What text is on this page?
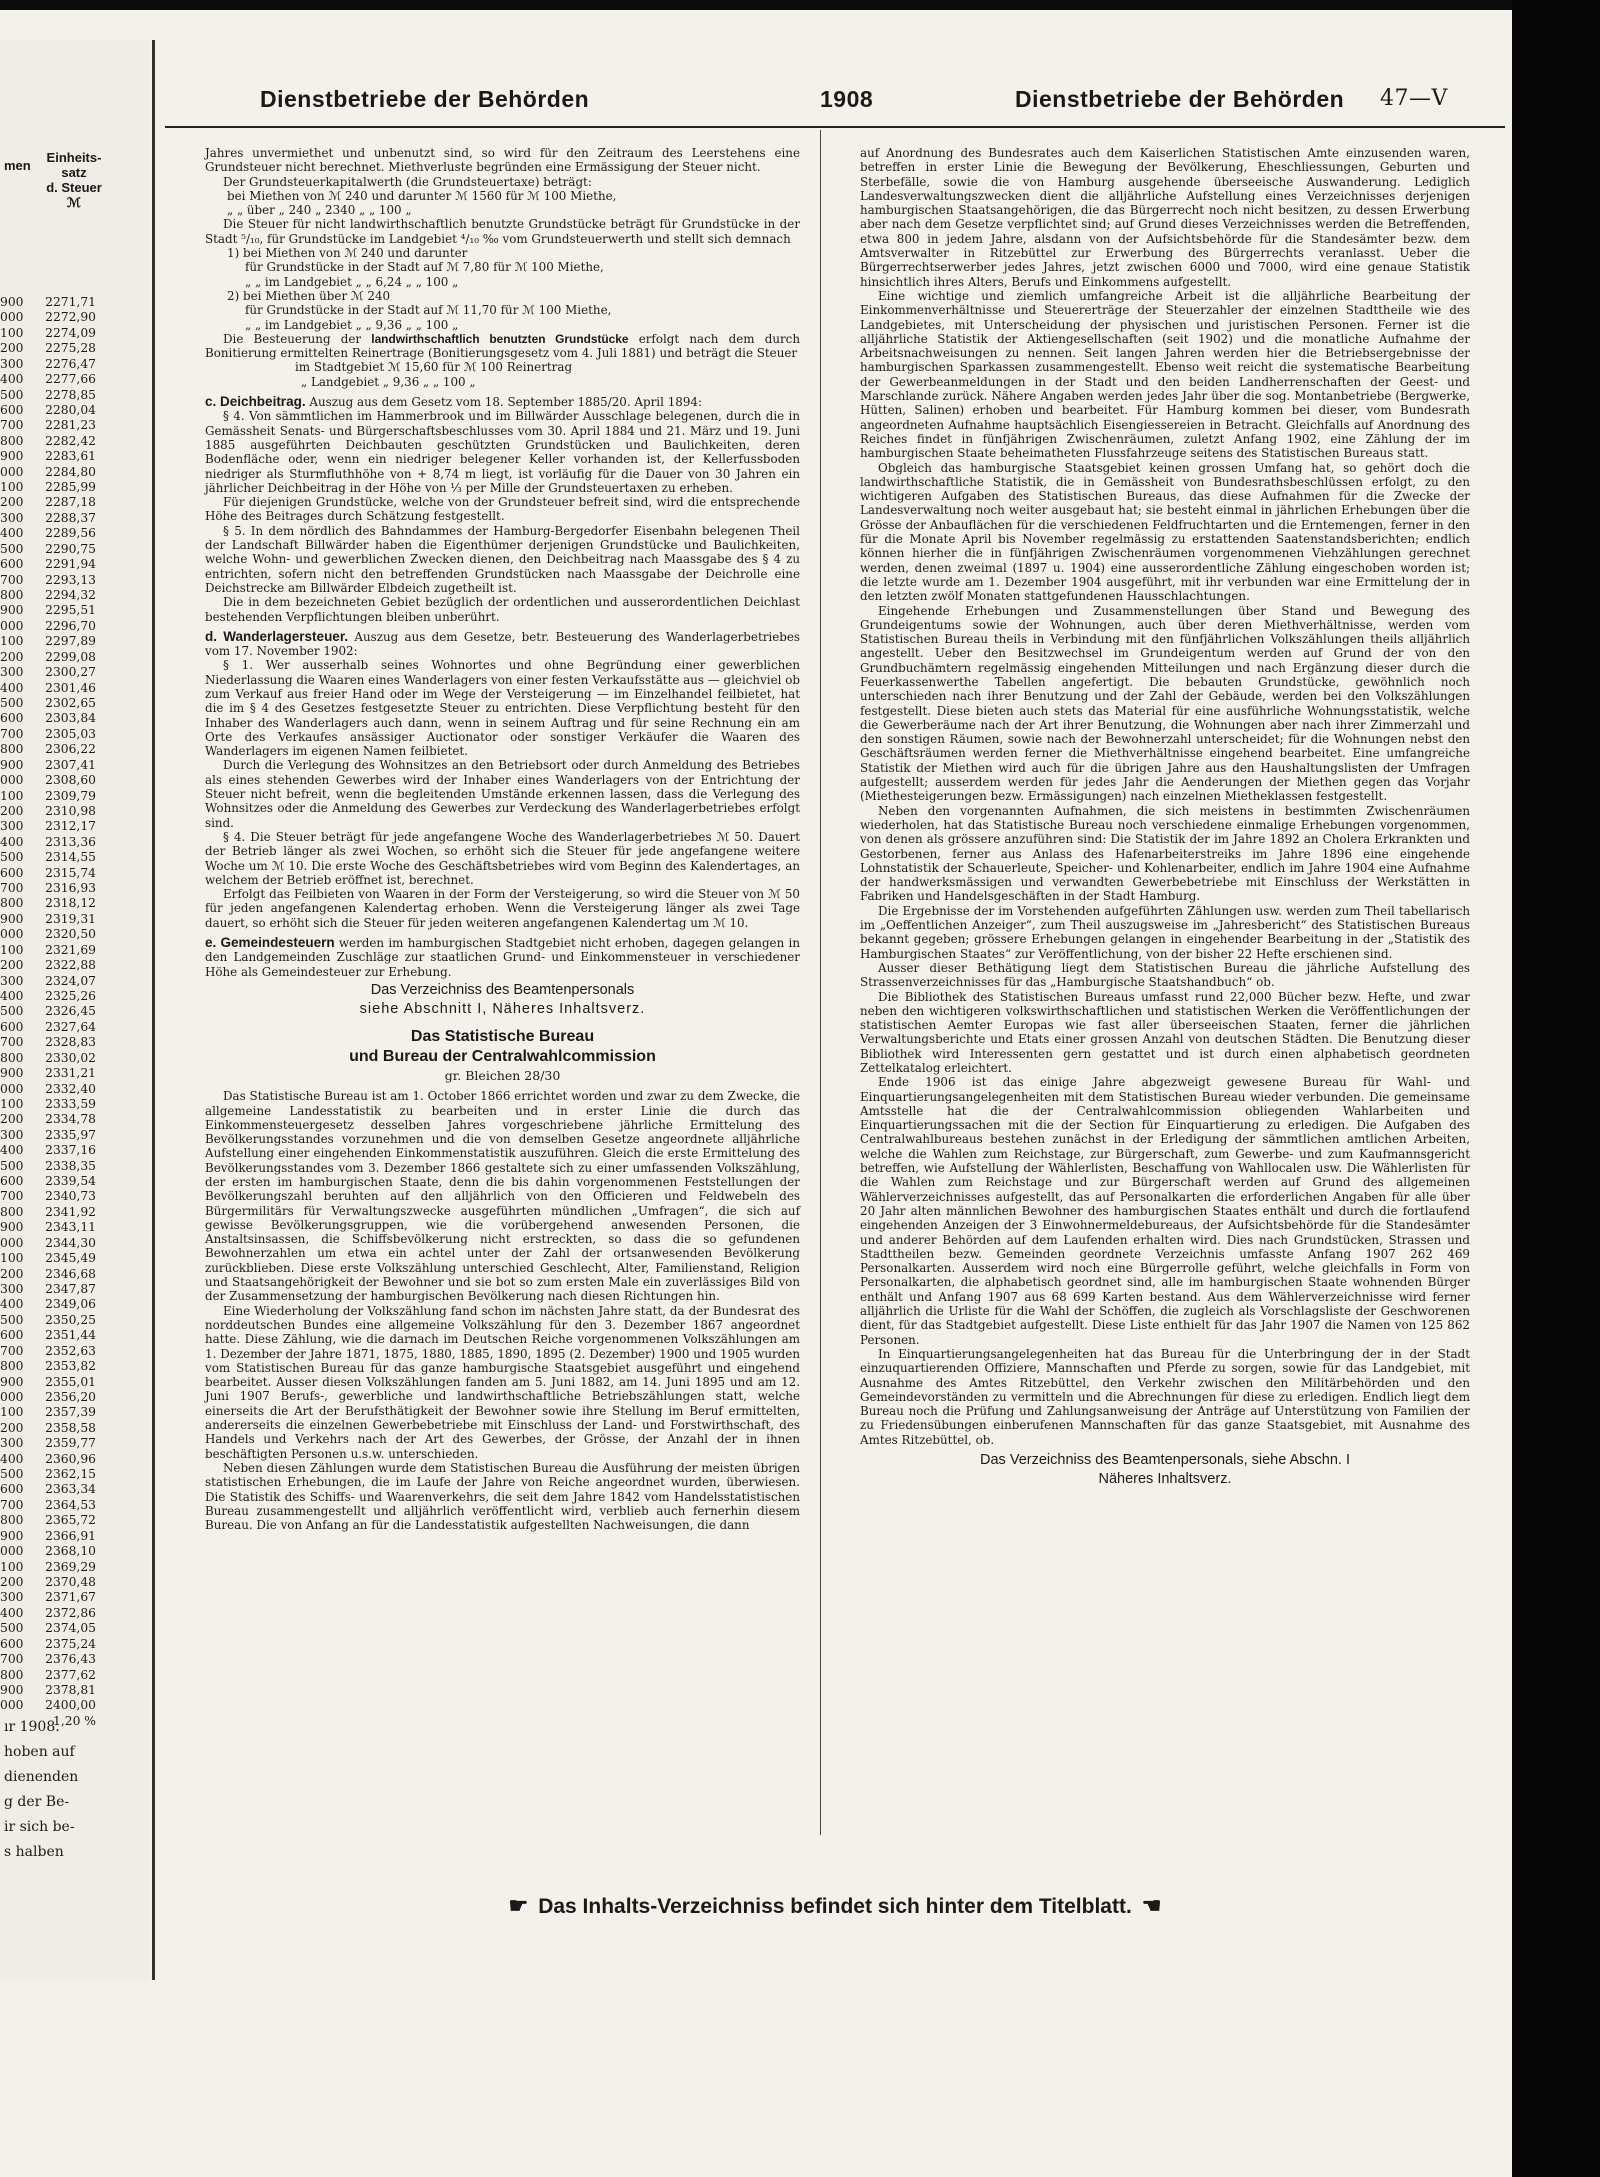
men
Einheits-
satz
d. Steuer
ℳ
900	2271,71
000	2272,90
100	2274,09
200	2275,28
300	2276,47
400	2277,66
500	2278,85
600	2280,04
700	2281,23
800	2282,42
900	2283,61
000	2284,80
100	2285,99
200	2287,18
300	2288,37
400	2289,56
500	2290,75
600	2291,94
700	2293,13
800	2294,32
900	2295,51
000	2296,70
100	2297,89
200	2299,08
300	2300,27
400	2301,46
500	2302,65
600	2303,84
700	2305,03
800	2306,22
900	2307,41
000	2308,60
100	2309,79
200	2310,98
300	2312,17
400	2313,36
500	2314,55
600	2315,74
700	2316,93
800	2318,12
900	2319,31
000	2320,50
100	2321,69
200	2322,88
300	2324,07
400	2325,26
500	2326,45
600	2327,64
700	2328,83
800	2330,02
900	2331,21
000	2332,40
100	2333,59
200	2334,78
300	2335,97
400	2337,16
500	2338,35
600	2339,54
700	2340,73
800	2341,92
900	2343,11
000	2344,30
100	2345,49
200	2346,68
300	2347,87
400	2349,06
500	2350,25
600	2351,44
700	2352,63
800	2353,82
900	2355,01
000	2356,20
100	2357,39
200	2358,58
300	2359,77
400	2360,96
500	2362,15
600	2363,34
700	2364,53
800	2365,72
900	2366,91
000	2368,10
100	2369,29
200	2370,48
300	2371,67
400	2372,86
500	2374,05
600	2375,24
700	2376,43
800	2377,62
900	2378,81
000	2400,00
1,20 %
ır 1908.
hoben auf
dienenden
g der Be-
ir sich be-
s halben
Dienstbetriebe der Behörden	1908	Dienstbetriebe der Behörden 47—V

Jahres unvermiethet und unbenutzt sind, so wird für den Zeitraum des Leerstehens eine Grundsteuer nicht berechnet. Miethverluste begründen eine Ermässigung der Steuer nicht.

Der Grundsteuerkapitalwerth (die Grundsteuertaxe) beträgt:

bei Miethen von ℳ 240 und darunter ℳ 1560 für ℳ 100 Miethe,

„ „ über „ 240 „ 2340 „ „ 100 „

Die Steuer für nicht landwirthschaftlich benutzte Grundstücke beträgt für Grundstücke in der Stadt ⁵/₁₀, für Grundstücke im Landgebiet ⁴/₁₀ ‰ vom Grundsteuerwerth und stellt sich demnach

1) bei Miethen von ℳ 240 und darunter

für Grundstücke in der Stadt auf ℳ 7,80 für ℳ 100 Miethe,

„ „ im Landgebiet „ „ 6,24 „ „ 100 „

2) bei Miethen über ℳ 240

für Grundstücke in der Stadt auf ℳ 11,70 für ℳ 100 Miethe,

„ „ im Landgebiet „ „ 9,36 „ „ 100 „

Die Besteuerung der landwirthschaftlich benutzten Grundstücke erfolgt nach dem durch Bonitierung ermittelten Reinertrage (Bonitierungsgesetz vom 4. Juli 1881) und beträgt die Steuer

im Stadtgebiet ℳ 15,60 für ℳ 100 Reinertrag

„ Landgebiet „ 9,36 „ „ 100 „

c. Deichbeitrag. Auszug aus dem Gesetz vom 18. September 1885/20. April 1894:

§ 4. Von sämmtlichen im Hammerbrook und im Billwärder Ausschlage belegenen, durch die in Gemässheit Senats- und Bürgerschaftsbeschlusses vom 30. April 1884 und 21. März und 19. Juni 1885 ausgeführten Deichbauten geschützten Grundstücken und Baulichkeiten, deren Bodenfläche oder, wenn ein niedriger belegener Keller vorhanden ist, der Kellerfussboden niedriger als Sturmfluthhöhe von + 8,74 m liegt, ist vorläufig für die Dauer von 30 Jahren ein jährlicher Deichbeitrag in der Höhe von ⅓ per Mille der Grundsteuertaxen zu erheben.

Für diejenigen Grundstücke, welche von der Grundsteuer befreit sind, wird die entsprechende Höhe des Beitrages durch Schätzung festgestellt.

§ 5. In dem nördlich des Bahndammes der Hamburg-Bergedorfer Eisenbahn belegenen Theil der Landschaft Billwärder haben die Eigenthümer derjenigen Grundstücke und Baulichkeiten, welche Wohn- und gewerblichen Zwecken dienen, den Deichbeitrag nach Maassgabe des § 4 zu entrichten, sofern nicht den betreffenden Grundstücken nach Maassgabe der Deichrolle eine Deichstrecke am Billwärder Elbdeich zugetheilt ist.

Die in dem bezeichneten Gebiet bezüglich der ordentlichen und ausserordentlichen Deichlast bestehenden Verpflichtungen bleiben unberührt.

d. Wanderlagersteuer. Auszug aus dem Gesetze, betr. Besteuerung des Wanderlagerbetriebes vom 17. November 1902:

§ 1. Wer ausserhalb seines Wohnortes und ohne Begründung einer gewerblichen Niederlassung die Waaren eines Wanderlagers von einer festen Verkaufsstätte aus — gleichviel ob zum Verkauf aus freier Hand oder im Wege der Versteigerung — im Einzelhandel feilbietet, hat die im § 4 des Gesetzes festgesetzte Steuer zu entrichten. Diese Verpflichtung besteht für den Inhaber des Wanderlagers auch dann, wenn in seinem Auftrag und für seine Rechnung ein am Orte des Verkaufes ansässiger Auctionator oder sonstiger Verkäufer die Waaren des Wanderlagers im eigenen Namen feilbietet.

Durch die Verlegung des Wohnsitzes an den Betriebsort oder durch Anmeldung des Betriebes als eines stehenden Gewerbes wird der Inhaber eines Wanderlagers von der Entrichtung der Steuer nicht befreit, wenn die begleitenden Umstände erkennen lassen, dass die Verlegung des Wohnsitzes oder die Anmeldung des Gewerbes zur Verdeckung des Wanderlagerbetriebes erfolgt sind.

§ 4. Die Steuer beträgt für jede angefangene Woche des Wanderlagerbetriebes ℳ 50. Dauert der Betrieb länger als zwei Wochen, so erhöht sich die Steuer für jede angefangene weitere Woche um ℳ 10. Die erste Woche des Geschäftsbetriebes wird vom Beginn des Kalendertages, an welchem der Betrieb eröffnet ist, berechnet.

Erfolgt das Feilbieten von Waaren in der Form der Versteigerung, so wird die Steuer von ℳ 50 für jeden angefangenen Kalendertag erhoben. Wenn die Versteigerung länger als zwei Tage dauert, so erhöht sich die Steuer für jeden weiteren angefangenen Kalendertag um ℳ 10.

e. Gemeindesteuern werden im hamburgischen Stadtgebiet nicht erhoben, dagegen gelangen in den Landgemeinden Zuschläge zur staatlichen Grund- und Einkommensteuer in verschiedener Höhe als Gemeindesteuer zur Erhebung.

Das Verzeichniss des Beamtenpersonals

siehe Abschnitt I, Näheres Inhaltsverz.

Das Statistische Bureau

und Bureau der Centralwahlcommission

gr. Bleichen 28/30

Das Statistische Bureau ist am 1. October 1866 errichtet worden und zwar zu dem Zwecke, die allgemeine Landesstatistik zu bearbeiten und in erster Linie die durch das Einkommensteuergesetz desselben Jahres vorgeschriebene jährliche Ermittelung des Bevölkerungsstandes vorzunehmen und die von demselben Gesetze angeordnete alljährliche Aufstellung einer eingehenden Einkommenstatistik auszuführen. Gleich die erste Ermittelung des Bevölkerungsstandes vom 3. Dezember 1866 gestaltete sich zu einer umfassenden Volkszählung, der ersten im hamburgischen Staate, denn die bis dahin vorgenommenen Feststellungen der Bevölkerungszahl beruhten auf den alljährlich von den Officieren und Feldwebeln des Bürgermilitärs für Verwaltungszwecke ausgeführten mündlichen „Umfragen“, die sich auf gewisse Bevölkerungsgruppen, wie die vorübergehend anwesenden Personen, die Anstaltsinsassen, die Schiffsbevölkerung nicht erstreckten, so dass die so gefundenen Bewohnerzahlen um etwa ein achtel unter der Zahl der ortsanwesenden Bevölkerung zurückblieben. Diese erste Volkszählung unterschied Geschlecht, Alter, Familienstand, Religion und Staatsangehörigkeit der Bewohner und sie bot so zum ersten Male ein zuverlässiges Bild von der Zusammensetzung der hamburgischen Bevölkerung nach diesen Richtungen hin.

Eine Wiederholung der Volkszählung fand schon im nächsten Jahre statt, da der Bundesrat des norddeutschen Bundes eine allgemeine Volkszählung für den 3. Dezember 1867 angeordnet hatte. Diese Zählung, wie die darnach im Deutschen Reiche vorgenommenen Volkszählungen am 1. Dezember der Jahre 1871, 1875, 1880, 1885, 1890, 1895 (2. Dezember) 1900 und 1905 wurden vom Statistischen Bureau für das ganze hamburgische Staatsgebiet ausgeführt und eingehend bearbeitet. Ausser diesen Volkszählungen fanden am 5. Juni 1882, am 14. Juni 1895 und am 12. Juni 1907 Berufs-, gewerbliche und landwirthschaftliche Betriebszählungen statt, welche einerseits die Art der Berufsthätigkeit der Bewohner sowie ihre Stellung im Beruf ermittelten, andererseits die einzelnen Gewerbebetriebe mit Einschluss der Land- und Forstwirthschaft, des Handels und Verkehrs nach der Art des Gewerbes, der Grösse, der Anzahl der in ihnen beschäftigten Personen u.s.w. unterschieden.

Neben diesen Zählungen wurde dem Statistischen Bureau die Ausführung der meisten übrigen statistischen Erhebungen, die im Laufe der Jahre von Reiche angeordnet wurden, überwiesen. Die Statistik des Schiffs- und Waarenverkehrs, die seit dem Jahre 1842 vom Handelsstatistischen Bureau zusammengestellt und alljährlich veröffentlicht wird, verblieb auch fernerhin diesem Bureau. Die von Anfang an für die Landesstatistik aufgestellten Nachweisungen, die dann

auf Anordnung des Bundesrates auch dem Kaiserlichen Statistischen Amte einzusenden waren, betreffen in erster Linie die Bewegung der Bevölkerung, Eheschliessungen, Geburten und Sterbefälle, sowie die von Hamburg ausgehende überseeische Auswanderung. Lediglich Landesverwaltungszwecken dient die alljährliche Aufstellung eines Verzeichnisses derjenigen hamburgischen Staatsangehörigen, die das Bürgerrecht noch nicht besitzen, zu dessen Erwerbung aber nach dem Gesetze verpflichtet sind; auf Grund dieses Verzeichnisses werden die Betreffenden, etwa 800 in jedem Jahre, alsdann von der Aufsichtsbehörde für die Standesämter bezw. dem Amtsverwalter in Ritzebüttel zur Erwerbung des Bürgerrechts veranlasst. Ueber die Bürgerrechtserwerber jedes Jahres, jetzt zwischen 6000 und 7000, wird eine genaue Statistik hinsichtlich ihres Alters, Berufs und Einkommens aufgestellt.

Eine wichtige und ziemlich umfangreiche Arbeit ist die alljährliche Bearbeitung der Einkommenverhältnisse und Steuererträge der Steuerzahler der einzelnen Stadttheile wie des Landgebietes, mit Unterscheidung der physischen und juristischen Personen. Ferner ist die alljährliche Statistik der Aktiengesellschaften (seit 1902) und die monatliche Aufnahme der Arbeitsnachweisungen zu nennen. Seit langen Jahren werden hier die Betriebsergebnisse der hamburgischen Sparkassen zusammengestellt. Ebenso weit reicht die systematische Bearbeitung der Gewerbeanmeldungen in der Stadt und den beiden Landherrenschaften der Geest- und Marschlande zurück. Nähere Angaben werden jedes Jahr über die sog. Montanbetriebe (Bergwerke, Hütten, Salinen) erhoben und bearbeitet. Für Hamburg kommen bei dieser, vom Bundesrath angeordneten Aufnahme hauptsächlich Eisengiessereien in Betracht. Gleichfalls auf Anordnung des Reiches findet in fünfjährigen Zwischenräumen, zuletzt Anfang 1902, eine Zählung der im hamburgischen Staate beheimatheten Flussfahrzeuge seitens des Statistischen Bureaus statt.

Obgleich das hamburgische Staatsgebiet keinen grossen Umfang hat, so gehört doch die landwirthschaftliche Statistik, die in Gemässheit von Bundesrathsbeschlüssen erfolgt, zu den wichtigeren Aufgaben des Statistischen Bureaus, das diese Aufnahmen für die Zwecke der Landesverwaltung noch weiter ausgebaut hat; sie besteht einmal in jährlichen Erhebungen über die Grösse der Anbauflächen für die verschiedenen Feldfruchtarten und die Erntemengen, ferner in den für die Monate April bis November regelmässig zu erstattenden Saatenstandsberichten; endlich können hierher die in fünfjährigen Zwischenräumen vorgenommenen Viehzählungen gerechnet werden, denen zweimal (1897 u. 1904) eine ausserordentliche Zählung eingeschoben worden ist; die letzte wurde am 1. Dezember 1904 ausgeführt, mit ihr verbunden war eine Ermittelung der in den letzten zwölf Monaten stattgefundenen Hausschlachtungen.

Eingehende Erhebungen und Zusammenstellungen über Stand und Bewegung des Grundeigentums sowie der Wohnungen, auch über deren Miethverhältnisse, werden vom Statistischen Bureau theils in Verbindung mit den fünfjährlichen Volkszählungen theils alljährlich angestellt. Ueber den Besitzwechsel im Grundeigentum werden auf Grund der von den Grundbuchämtern regelmässig eingehenden Mitteilungen und nach Ergänzung dieser durch die Feuerkassenwerthe Tabellen angefertigt. Die bebauten Grundstücke, gewöhnlich noch unterschieden nach ihrer Benutzung und der Zahl der Gebäude, werden bei den Volkszählungen festgestellt. Diese bieten auch stets das Material für eine ausführliche Wohnungsstatistik, welche die Gewerberäume nach der Art ihrer Benutzung, die Wohnungen aber nach ihrer Zimmerzahl und den sonstigen Räumen, sowie nach der Bewohnerzahl unterscheidet; für die Wohnungen nebst den Geschäftsräumen werden ferner die Miethverhältnisse eingehend bearbeitet. Eine umfangreiche Statistik der Miethen wird auch für die übrigen Jahre aus den Haushaltungslisten der Umfragen aufgestellt; ausserdem werden für jedes Jahr die Aenderungen der Miethen gegen das Vorjahr (Miethesteigerungen bezw. Ermässigungen) nach einzelnen Mietheklassen festgestellt.

Neben den vorgenannten Aufnahmen, die sich meistens in bestimmten Zwischenräumen wiederholen, hat das Statistische Bureau noch verschiedene einmalige Erhebungen vorgenommen, von denen als grössere anzuführen sind: Die Statistik der im Jahre 1892 an Cholera Erkrankten und Gestorbenen, ferner aus Anlass des Hafenarbeiterstreiks im Jahre 1896 eine eingehende Lohnstatistik der Schauerleute, Speicher- und Kohlenarbeiter, endlich im Jahre 1904 eine Aufnahme der handwerksmässigen und verwandten Gewerbebetriebe mit Einschluss der Werkstätten in Fabriken und Handelsgeschäften in der Stadt Hamburg.

Die Ergebnisse der im Vorstehenden aufgeführten Zählungen usw. werden zum Theil tabellarisch im „Oeffentlichen Anzeiger“, zum Theil auszugsweise im „Jahresbericht“ des Statistischen Bureaus bekannt gegeben; grössere Erhebungen gelangen in eingehender Bearbeitung in der „Statistik des Hamburgischen Staates“ zur Veröffentlichung, von der bisher 22 Hefte erschienen sind.

Ausser dieser Bethätigung liegt dem Statistischen Bureau die jährliche Aufstellung des Strassenverzeichnisses für das „Hamburgische Staatshandbuch“ ob.

Die Bibliothek des Statistischen Bureaus umfasst rund 22,000 Bücher bezw. Hefte, und zwar neben den wichtigeren volkswirthschaftlichen und statistischen Werken die Veröffentlichungen der statistischen Aemter Europas wie fast aller überseeischen Staaten, ferner die jährlichen Verwaltungsberichte und Etats einer grossen Anzahl von deutschen Städten. Die Benutzung dieser Bibliothek wird Interessenten gern gestattet und ist durch einen alphabetisch geordneten Zettelkatalog erleichtert.

Ende 1906 ist das einige Jahre abgezweigt gewesene Bureau für Wahl- und Einquartierungsangelegenheiten mit dem Statistischen Bureau wieder verbunden. Die gemeinsame Amtsstelle hat die der Centralwahlcommission obliegenden Wahlarbeiten und Einquartierungssachen mit die der Section für Einquartierung zu erledigen. Die Aufgaben des Centralwahlbureaus bestehen zunächst in der Erledigung der sämmtlichen amtlichen Arbeiten, welche die Wahlen zum Reichstage, zur Bürgerschaft, zum Gewerbe- und zum Kaufmannsgericht betreffen, wie Aufstellung der Wählerlisten, Beschaffung von Wahllocalen usw. Die Wählerlisten für die Wahlen zum Reichstage und zur Bürgerschaft werden auf Grund des allgemeinen Wählerverzeichnisses aufgestellt, das auf Personalkarten die erforderlichen Angaben für alle über 20 Jahr alten männlichen Bewohner des hamburgischen Staates enthält und durch die fortlaufend eingehenden Anzeigen der 3 Einwohnermeldebureaus, der Aufsichtsbehörde für die Standesämter und anderer Behörden auf dem Laufenden erhalten wird. Dies nach Grundstücken, Strassen und Stadttheilen bezw. Gemeinden geordnete Verzeichnis umfasste Anfang 1907 262 469 Personalkarten. Ausserdem wird noch eine Bürgerrolle geführt, welche gleichfalls in Form von Personalkarten, die alphabetisch geordnet sind, alle im hamburgischen Staate wohnenden Bürger enthält und Anfang 1907 aus 68 699 Karten bestand. Aus dem Wählerverzeichnisse wird ferner alljährlich die Urliste für die Wahl der Schöffen, die zugleich als Vorschlagsliste der Geschworenen dient, für das Stadtgebiet aufgestellt. Diese Liste enthielt für das Jahr 1907 die Namen von 125 862 Personen.

In Einquartierungsangelegenheiten hat das Bureau für die Unterbringung der in der Stadt einzuquartierenden Offiziere, Mannschaften und Pferde zu sorgen, sowie für das Landgebiet, mit Ausnahme des Amtes Ritzebüttel, den Verkehr zwischen den Militärbehörden und den Gemeindevorständen zu vermitteln und die Abrechnungen für diese zu erledigen. Endlich liegt dem Bureau noch die Prüfung und Zahlungsanweisung der Anträge auf Unterstützung von Familien der zu Friedensübungen einberufenen Mannschaften für das ganze Staatsgebiet, mit Ausnahme des Amtes Ritzebüttel, ob.

Das Verzeichniss des Beamtenpersonals, siehe Abschn. I

Näheres Inhaltsverz.

☛ Das Inhalts-Verzeichniss befindet sich hinter dem Titelblatt. ☚
